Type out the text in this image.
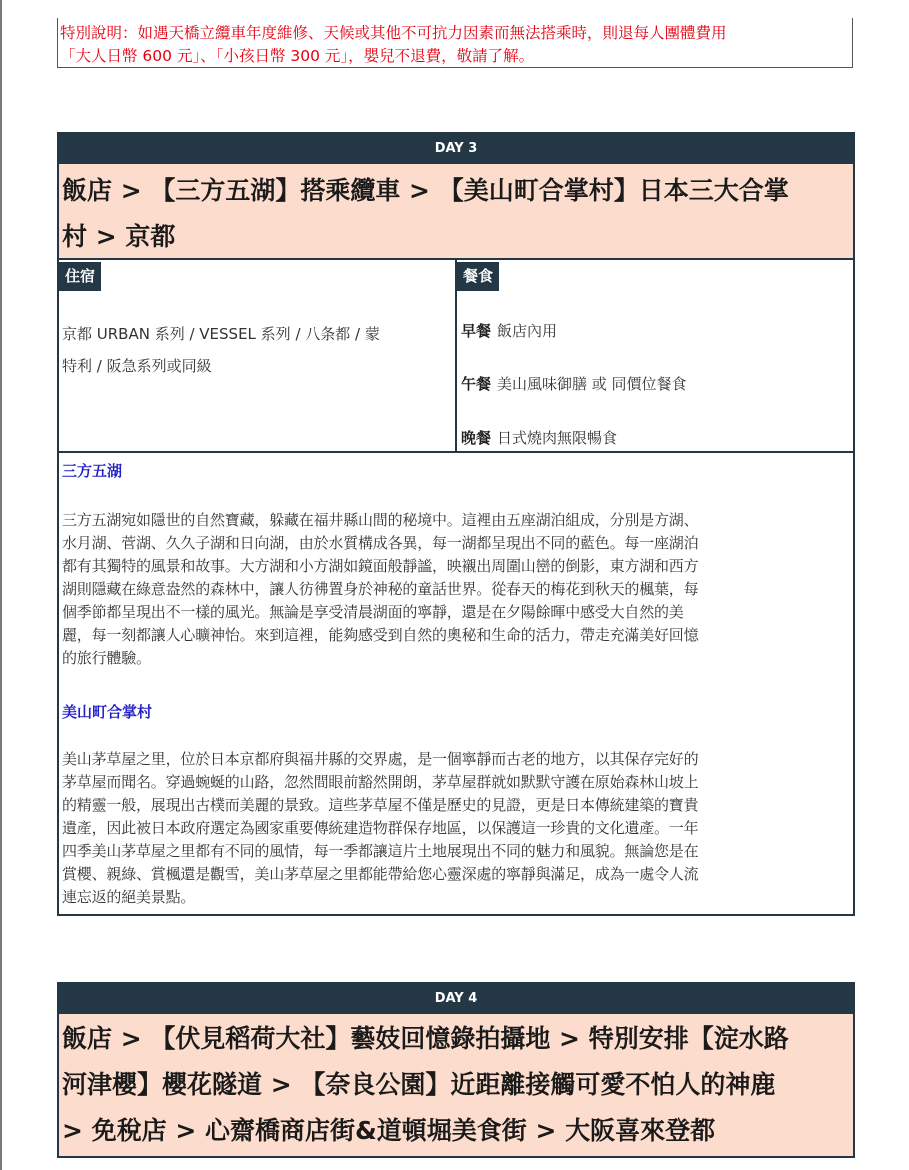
特別說明：如遇天橋立纜車年度維修、天候或其他不可抗力因素而無法搭乘時，則退每人團體費用
「大人日幣 600 元」、「小孩日幣 300 元」，嬰兒不退費，敬請了解。
DAY 3
飯店 > 【三方五湖】搭乘纜車 > 【美山町合掌村】日本三大合掌
村 > 京都
住宿
京都 URBAN 系列 / VESSEL 系列 / 八条都 / 蒙
特利 / 阪急系列或同級
餐食
早餐 飯店內用
午餐 美山風味御膳 或 同價位餐食
晚餐 日式燒肉無限暢食
三方五湖
三方五湖宛如隱世的自然寶藏，躲藏在福井縣山間的秘境中。這裡由五座湖泊組成，分別是方湖、
水月湖、菅湖、久久子湖和日向湖，由於水質構成各異，每一湖都呈現出不同的藍色。每一座湖泊
都有其獨特的風景和故事。大方湖和小方湖如鏡面般靜謐，映襯出周圍山巒的倒影，東方湖和西方
湖則隱藏在綠意盎然的森林中，讓人彷彿置身於神秘的童話世界。從春天的梅花到秋天的楓葉，每
個季節都呈現出不一樣的風光。無論是享受清晨湖面的寧靜，還是在夕陽餘暉中感受大自然的美
麗，每一刻都讓人心曠神怡。來到這裡，能夠感受到自然的奧秘和生命的活力，帶走充滿美好回憶
的旅行體驗。
美山町合掌村
美山茅草屋之里，位於日本京都府與福井縣的交界處，是一個寧靜而古老的地方，以其保存完好的
茅草屋而聞名。穿過蜿蜒的山路，忽然間眼前豁然開朗，茅草屋群就如默默守護在原始森林山坡上
的精靈一般，展現出古樸而美麗的景致。這些茅草屋不僅是歷史的見證，更是日本傳統建築的寶貴
遺產，因此被日本政府選定為國家重要傳統建造物群保存地區，以保護這一珍貴的文化遺產。一年
四季美山茅草屋之里都有不同的風情，每一季都讓這片土地展現出不同的魅力和風貌。無論您是在
賞櫻、親綠、賞楓還是觀雪，美山茅草屋之里都能帶給您心靈深處的寧靜與滿足，成為一處令人流
連忘返的絕美景點。
DAY 4
飯店 > 【伏見稻荷大社】藝妓回憶錄拍攝地 > 特別安排【淀水路
河津櫻】櫻花隧道 > 【奈良公園】近距離接觸可愛不怕人的神鹿
> 免稅店 > 心齋橋商店街&道頓堀美食街 > 大阪喜來登都
